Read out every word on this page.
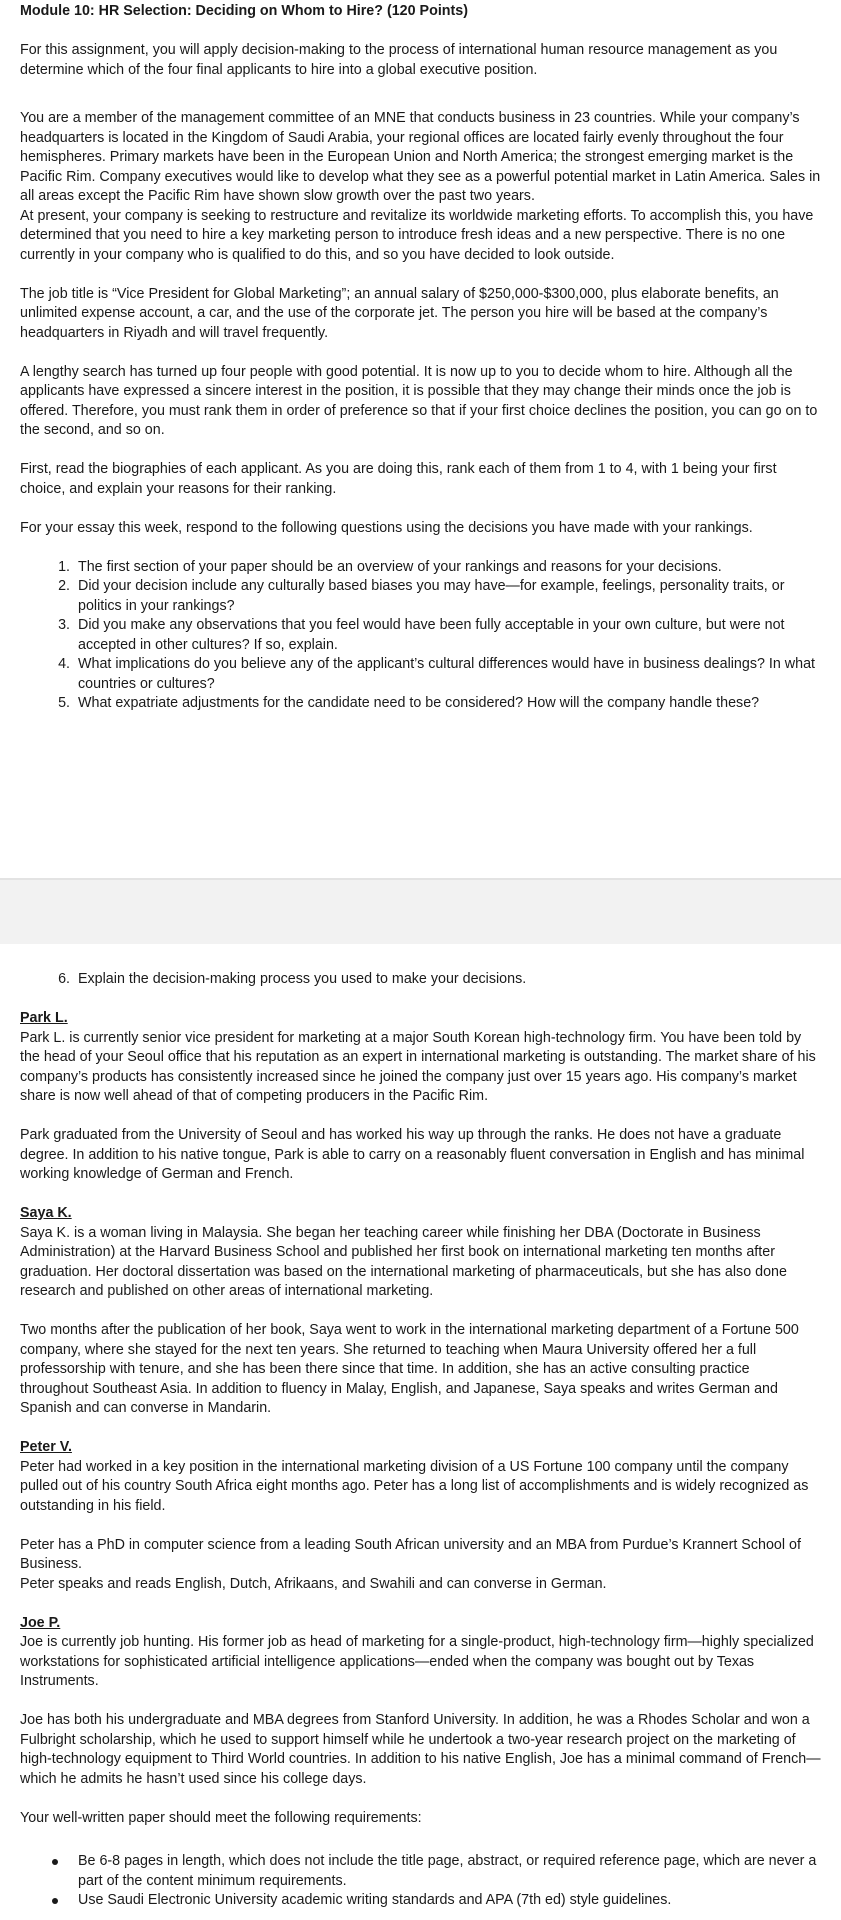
Module 10: HR Selection: Deciding on Whom to Hire? (120 Points)

For this assignment, you will apply decision-making to the process of international human resource management as you determine which of the four final applicants to hire into a global executive position.

You are a member of the management committee of an MNE that conducts business in 23 countries. While your company’s headquarters is located in the Kingdom of Saudi Arabia, your regional offices are located fairly evenly throughout the four hemispheres. Primary markets have been in the European Union and North America; the strongest emerging market is the Pacific Rim. Company executives would like to develop what they see as a powerful potential market in Latin America. Sales in all areas except the Pacific Rim have shown slow growth over the past two years.

At present, your company is seeking to restructure and revitalize its worldwide marketing efforts. To accomplish this, you have determined that you need to hire a key marketing person to introduce fresh ideas and a new perspective. There is no one currently in your company who is qualified to do this, and so you have decided to look outside.

The job title is “Vice President for Global Marketing”; an annual salary of $250,000-$300,000, plus elaborate benefits, an unlimited expense account, a car, and the use of the corporate jet. The person you hire will be based at the company’s headquarters in Riyadh and will travel frequently.

A lengthy search has turned up four people with good potential. It is now up to you to decide whom to hire. Although all the applicants have expressed a sincere interest in the position, it is possible that they may change their minds once the job is offered. Therefore, you must rank them in order of preference so that if your first choice declines the position, you can go on to the second, and so on.

First, read the biographies of each applicant. As you are doing this, rank each of them from 1 to 4, with 1 being your first choice, and explain your reasons for their ranking.

For your essay this week, respond to the following questions using the decisions you have made with your rankings.

1. The first section of your paper should be an overview of your rankings and reasons for your decisions.
2. Did your decision include any culturally based biases you may have—for example, feelings, personality traits, or politics in your rankings?
3. Did you make any observations that you feel would have been fully acceptable in your own culture, but were not accepted in other cultures? If so, explain.
4. What implications do you believe any of the applicant’s cultural differences would have in business dealings? In what countries or cultures?
5. What expatriate adjustments for the candidate need to be considered? How will the company handle these?
6. Explain the decision-making process you used to make your decisions.
Park L.

Park L. is currently senior vice president for marketing at a major South Korean high-technology firm. You have been told by the head of your Seoul office that his reputation as an expert in international marketing is outstanding. The market share of his company’s products has consistently increased since he joined the company just over 15 years ago. His company’s market share is now well ahead of that of competing producers in the Pacific Rim.

Park graduated from the University of Seoul and has worked his way up through the ranks. He does not have a graduate degree. In addition to his native tongue, Park is able to carry on a reasonably fluent conversation in English and has minimal working knowledge of German and French.

Saya K.

Saya K. is a woman living in Malaysia. She began her teaching career while finishing her DBA (Doctorate in Business Administration) at the Harvard Business School and published her first book on international marketing ten months after graduation. Her doctoral dissertation was based on the international marketing of pharmaceuticals, but she has also done research and published on other areas of international marketing.

Two months after the publication of her book, Saya went to work in the international marketing department of a Fortune 500 company, where she stayed for the next ten years. She returned to teaching when Maura University offered her a full professorship with tenure, and she has been there since that time. In addition, she has an active consulting practice throughout Southeast Asia. In addition to fluency in Malay, English, and Japanese, Saya speaks and writes German and Spanish and can converse in Mandarin.

Peter V.

Peter had worked in a key position in the international marketing division of a US Fortune 100 company until the company pulled out of his country South Africa eight months ago. Peter has a long list of accomplishments and is widely recognized as outstanding in his field.

Peter has a PhD in computer science from a leading South African university and an MBA from Purdue’s Krannert School of Business.

Peter speaks and reads English, Dutch, Afrikaans, and Swahili and can converse in German.

Joe P.

Joe is currently job hunting. His former job as head of marketing for a single-product, high-technology firm—highly specialized workstations for sophisticated artificial intelligence applications—ended when the company was bought out by Texas Instruments.

Joe has both his undergraduate and MBA degrees from Stanford University. In addition, he was a Rhodes Scholar and won a Fulbright scholarship, which he used to support himself while he undertook a two-year research project on the marketing of high-technology equipment to Third World countries. In addition to his native English, Joe has a minimal command of French—which he admits he hasn’t used since his college days.

Your well-written paper should meet the following requirements:

Be 6-8 pages in length, which does not include the title page, abstract, or required reference page, which are never a part of the content minimum requirements.
Use Saudi Electronic University academic writing standards and APA (7th ed) style guidelines.
